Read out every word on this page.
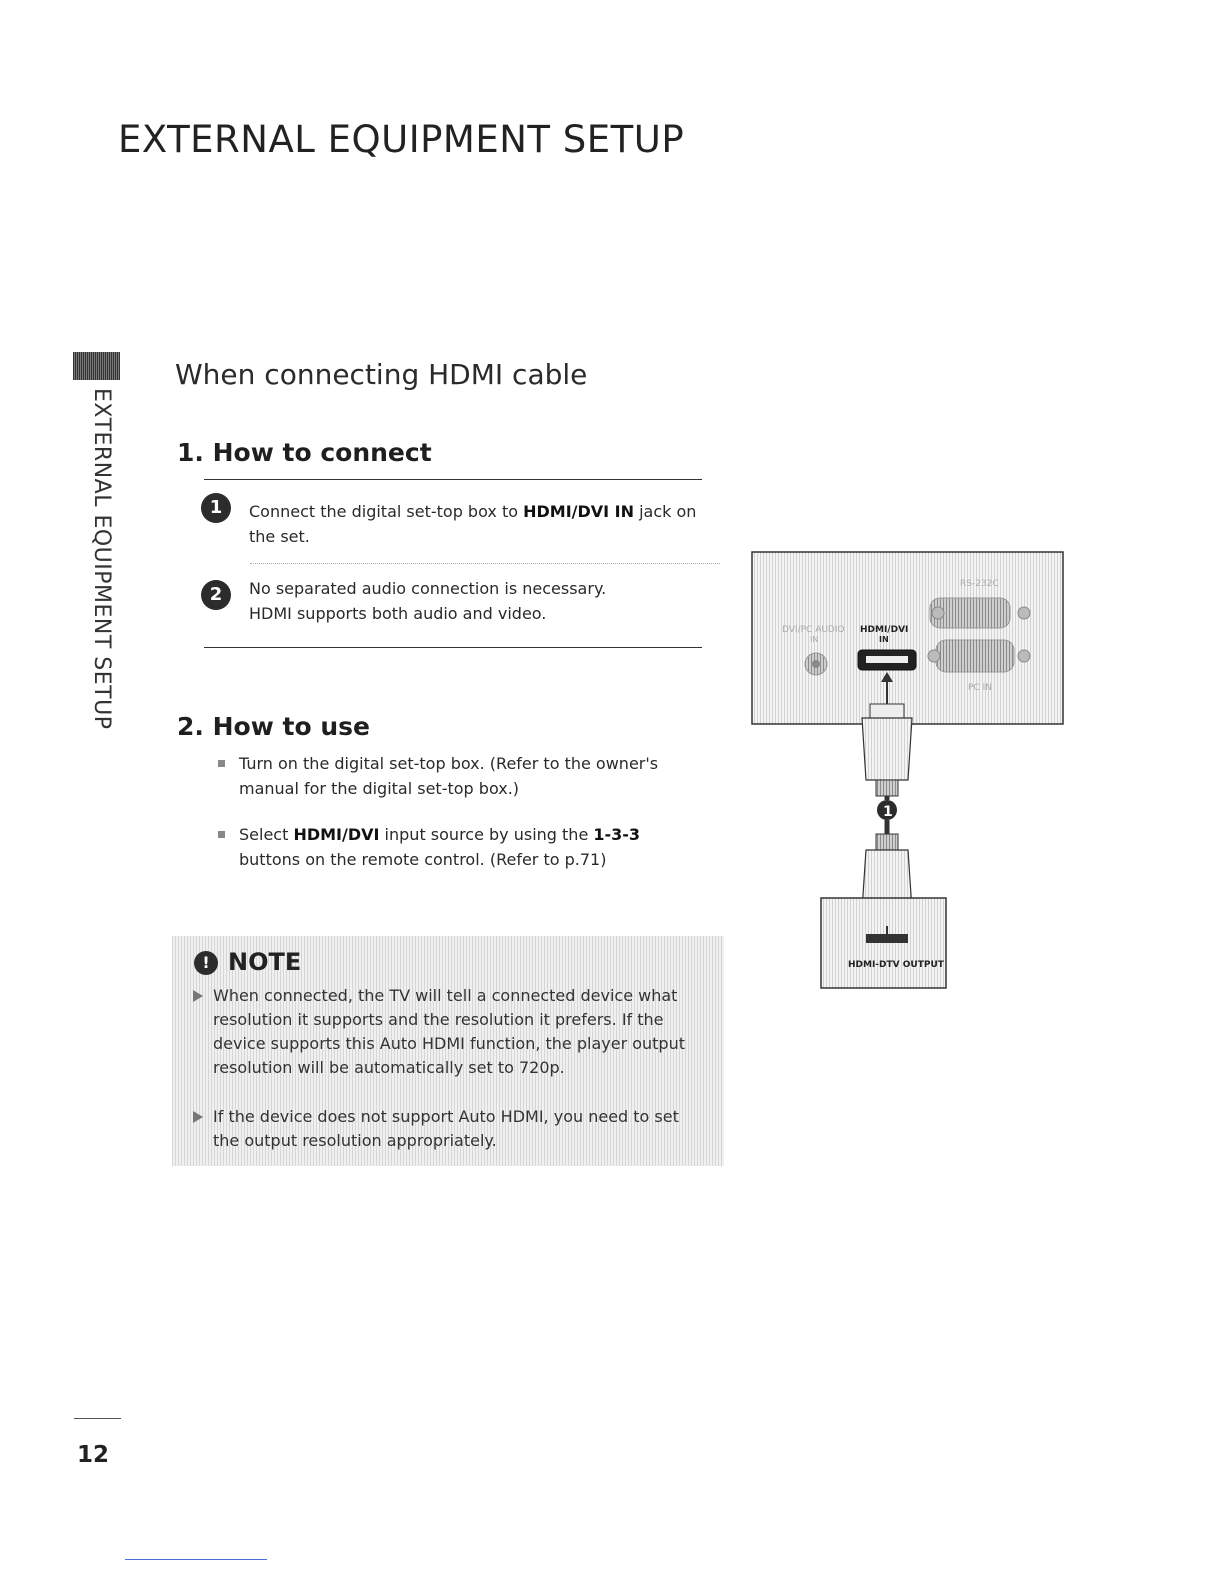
EXTERNAL EQUIPMENT SETUP
EXTERNAL EQUIPMENT SETUP
When connecting HDMI cable
1. How to connect
1	Connect the digital set-top box to HDMI/DVI IN jack on the set.
2	No separated audio connection is necessary.
HDMI supports both audio and video.
2. How to use
Turn on the digital set-top box. (Refer to the owner's manual for the digital set-top box.)
Select HDMI/DVI input source by using the 1-3-3 buttons on the remote control. (Refer to p.71)
! NOTE
When connected, the TV will tell a connected device what resolution it supports and the resolution it prefers. If the device supports this Auto HDMI function, the player output resolution will be automatically set to 720p.
If the device does not support Auto HDMI, you need to set the output resolution appropriately.
RS-232C
DVI/PC AUDIO
IN
HDMI/DVI
IN
PC IN
1
HDMI-DTV OUTPUT
12
